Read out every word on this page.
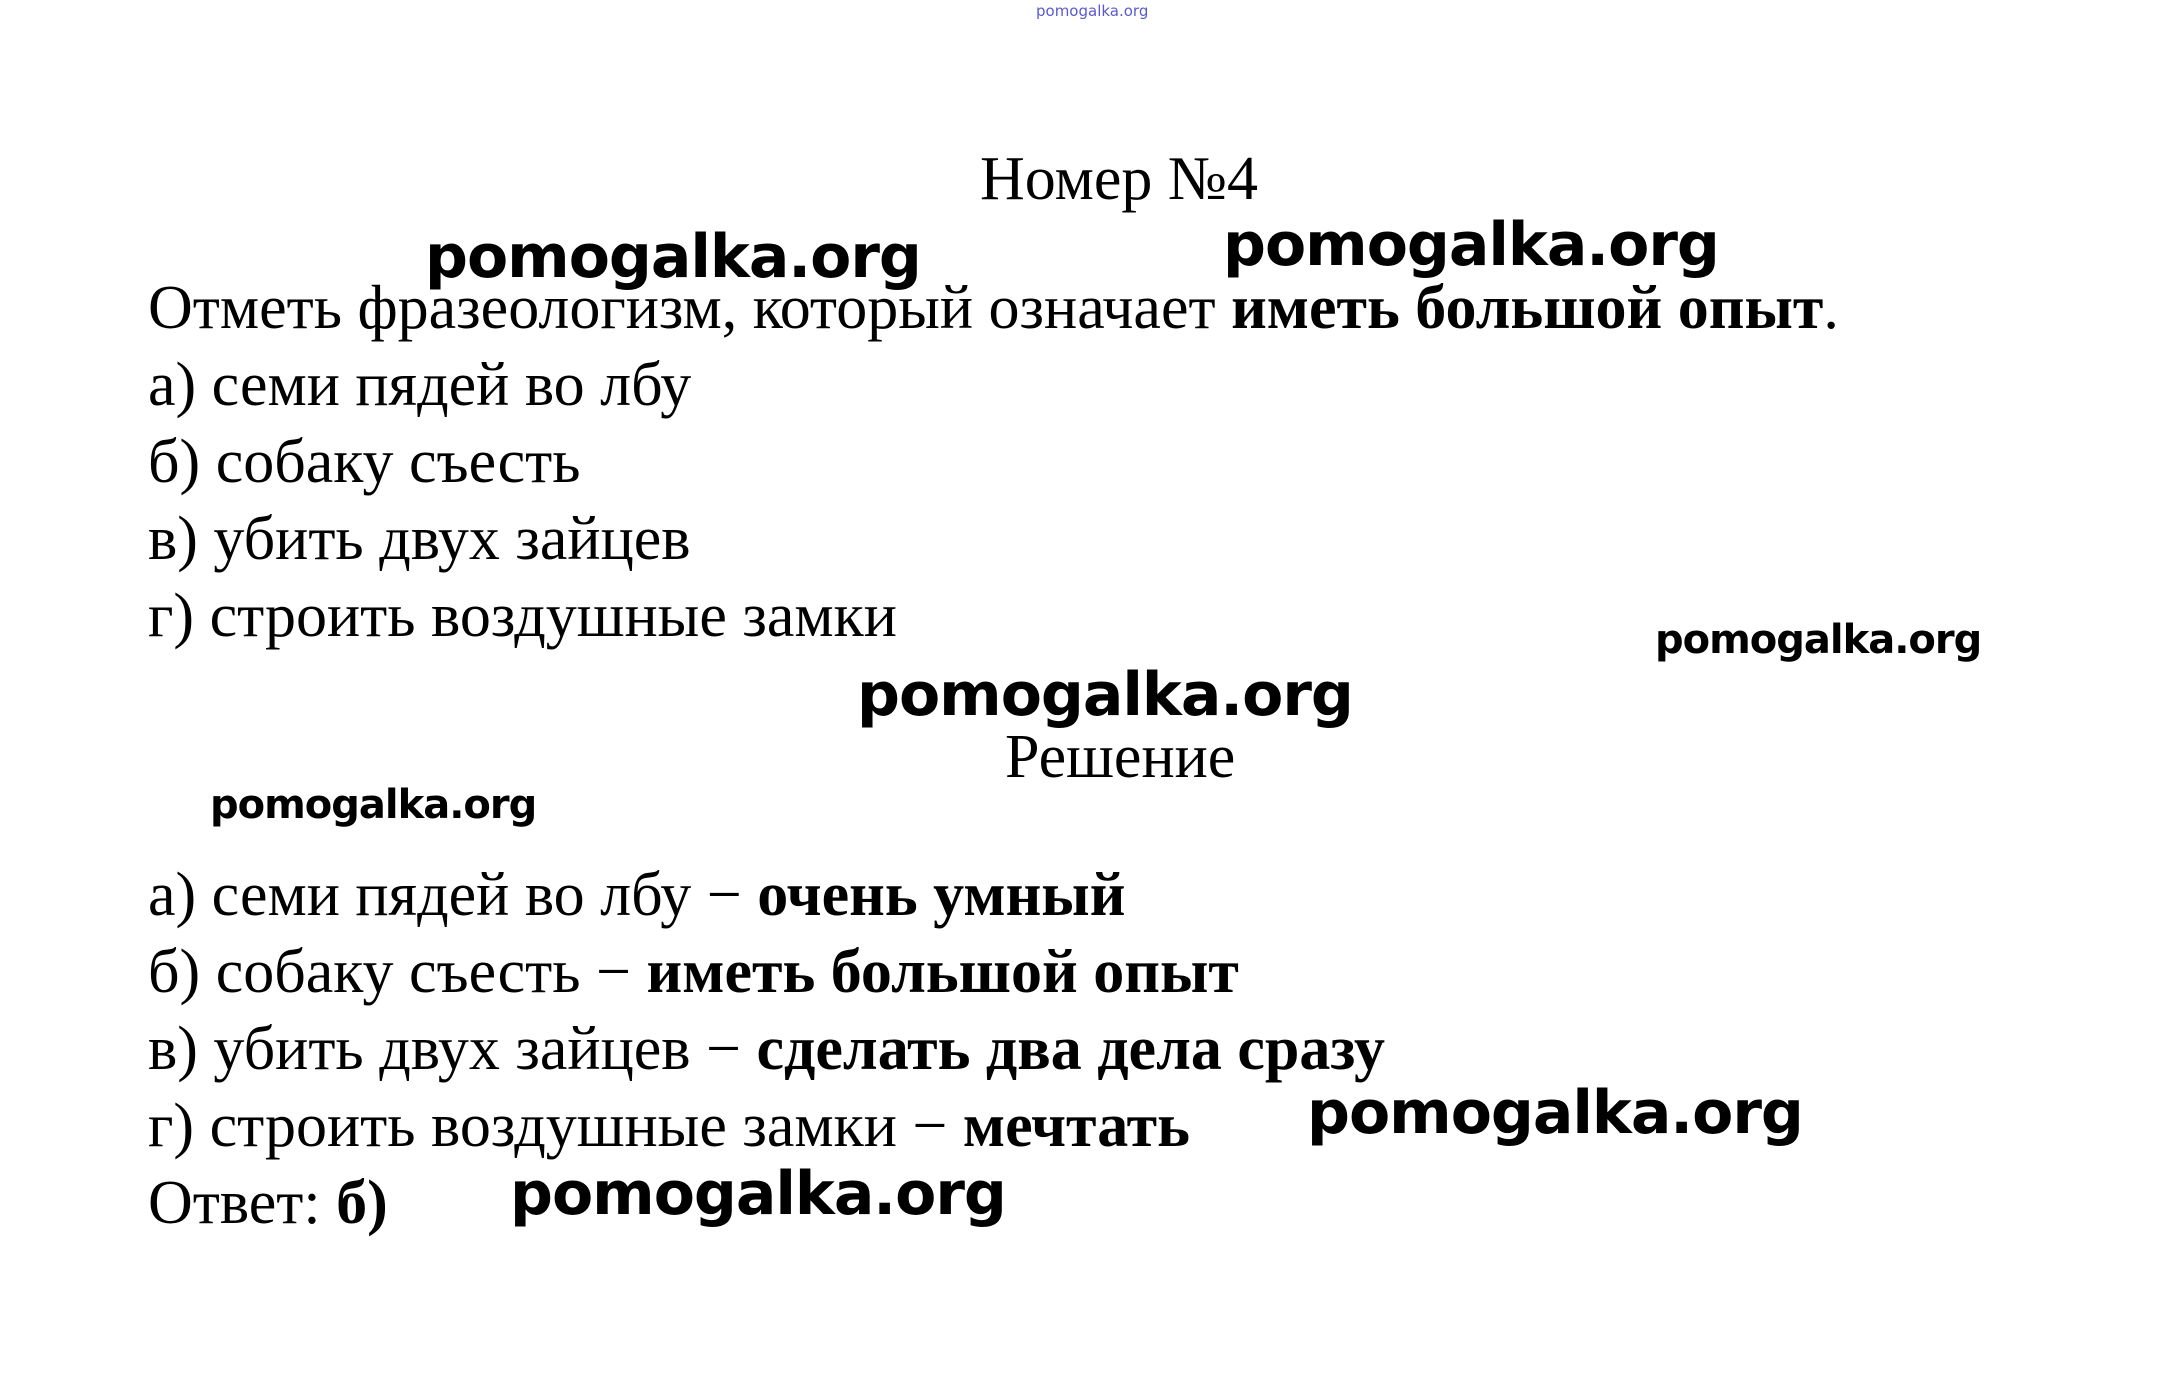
pomogalka.org
Номер №4
pomogalka.org	pomogalka.org
Отметь фразеологизм, который означает иметь большой опыт.
а) семи пядей во лбу
б) собаку съесть
в) убить двух зайцев
г) строить воздушные замки	pomogalka.org
pomogalka.org
Решение
pomogalka.org
а) семи пядей во лбу − очень умный
б) собаку съесть − иметь большой опыт
в) убить двух зайцев − сделать два дела сразу
г) строить воздушные замки − мечтать pomogalka.org
Ответ: б) pomogalka.org
